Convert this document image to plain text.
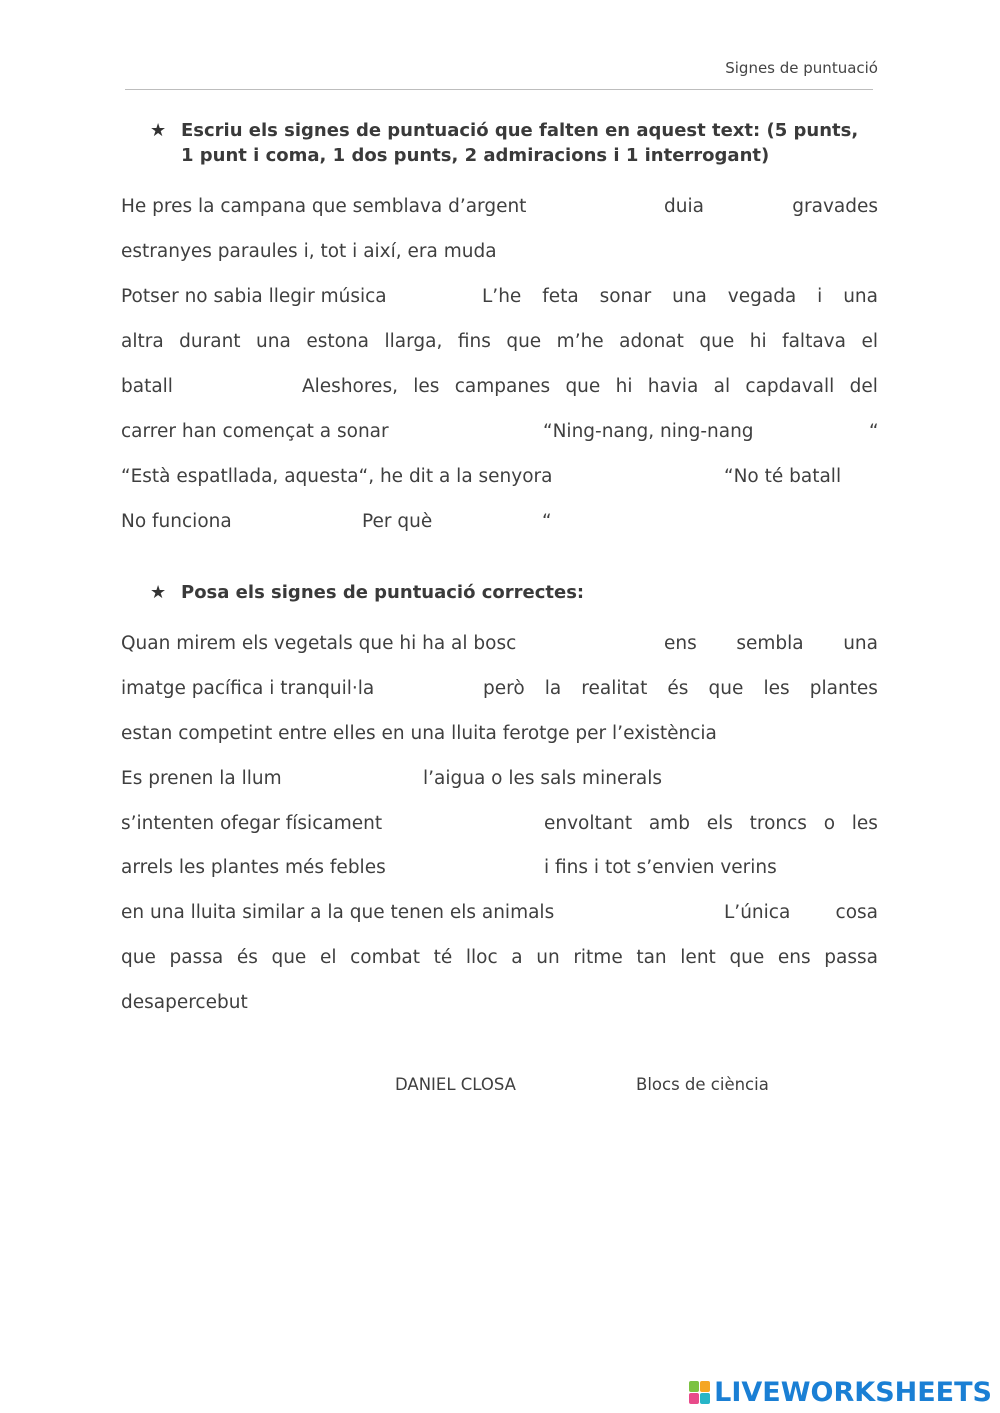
Signes de puntuació
★ Escriu els signes de puntuació que falten en aquest text: (5 punts,
1 punt i coma, 1 dos punts, 2 admiracions i 1 interrogant)
He pres la campana que semblava d’argent	duia	gravades
estranyes paraules i, tot i així, era muda
Potser no sabia llegir música	L’he feta sonar una vegada i una
altra durant una estona llarga, fins que m’he adonat que hi faltava el
batall	Aleshores, les campanes que hi havia al capdavall del
carrer han començat a sonar	“Ning-nang, ning-nang	“
“Està espatllada, aquesta“, he dit a la senyora	“No té batall
No funciona	Per què	“
★ Posa els signes de puntuació correctes:
Quan mirem els vegetals que hi ha al bosc	ens sembla una
imatge pacífica i tranquil·la	però la realitat és que les plantes
estan competint entre elles en una lluita ferotge per l’existència
Es prenen la llum	l’aigua o les sals minerals
s’intenten ofegar físicament	envoltant amb els troncs o les
arrels les plantes més febles	i fins i tot s’envien verins
en una lluita similar a la que tenen els animals	L’única cosa
que passa és que el combat té lloc a un ritme tan lent que ens passa
desapercebut
DANIEL CLOSA	Blocs de ciència
LIVEWORKSHEETS
